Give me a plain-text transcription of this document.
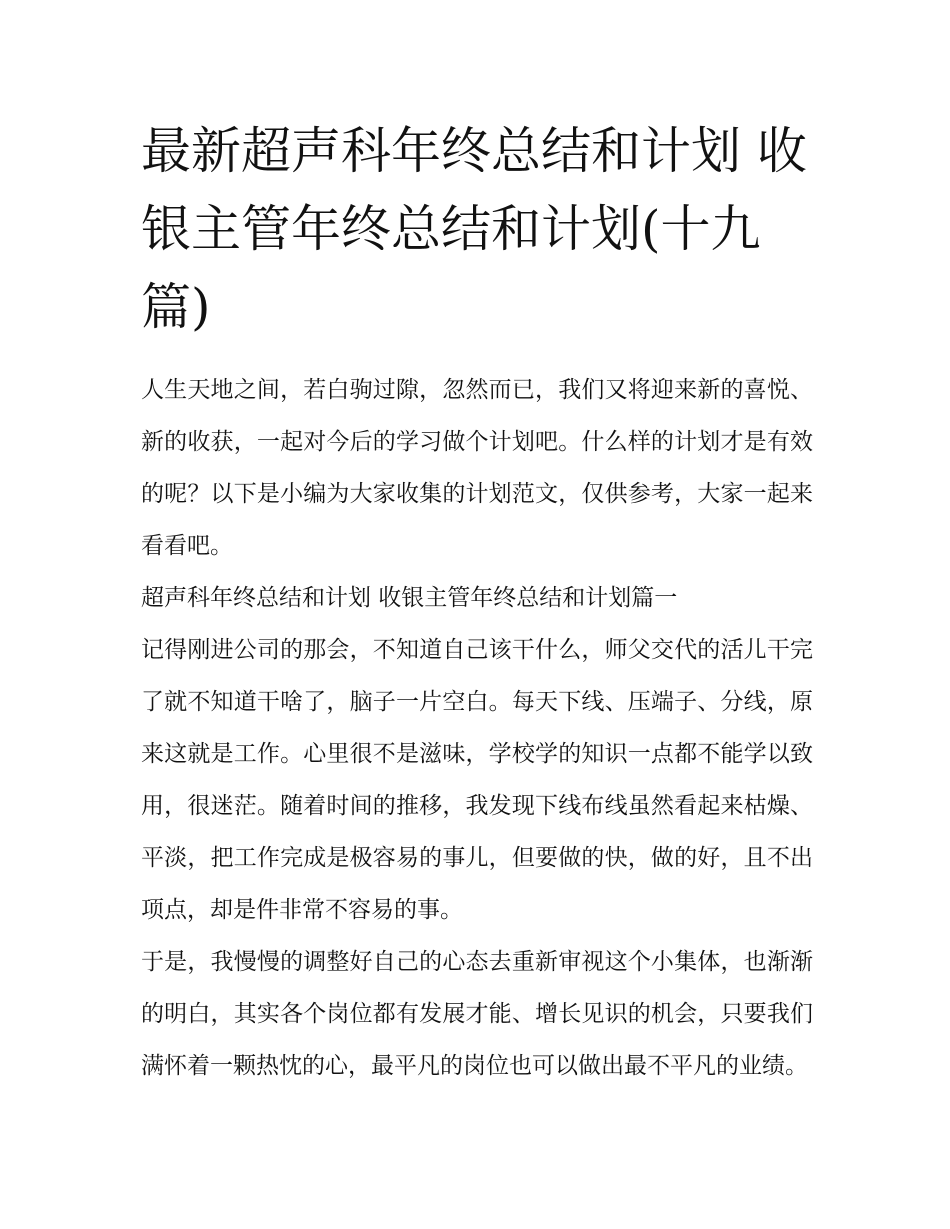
最新超声科年终总结和计划 收银主管年终总结和计划(十九篇)

人生天地之间，若白驹过隙，忽然而已，我们又将迎来新的喜悦、新的收获，一起对今后的学习做个计划吧。什么样的计划才是有效的呢？以下是小编为大家收集的计划范文，仅供参考，大家一起来看看吧。

超声科年终总结和计划 收银主管年终总结和计划篇一

记得刚进公司的那会，不知道自己该干什么，师父交代的活儿干完了就不知道干啥了，脑子一片空白。每天下线、压端子、分线，原来这就是工作。心里很不是滋味，学校学的知识一点都不能学以致用，很迷茫。随着时间的推移，我发现下线布线虽然看起来枯燥、平淡，把工作完成是极容易的事儿，但要做的快，做的好，且不出项点，却是件非常不容易的事。

于是，我慢慢的调整好自己的心态去重新审视这个小集体，也渐渐的明白，其实各个岗位都有发展才能、增长见识的机会，只要我们满怀着一颗热忱的心，最平凡的岗位也可以做出最不平凡的业绩。
